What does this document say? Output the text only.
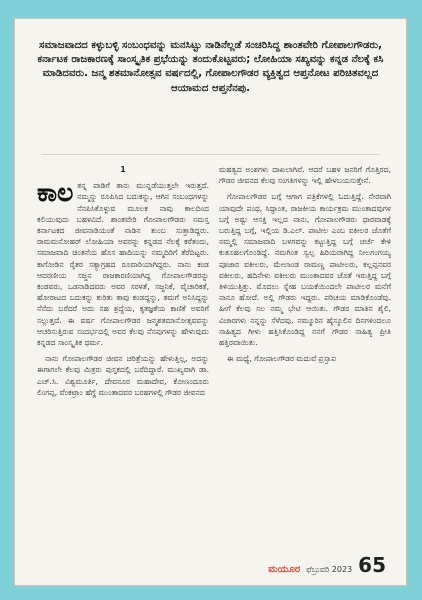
ಸಮಾಜವಾದದ ಕಳ್ಳುಬಳ್ಳಿ ಸಂಬಂಧವನ್ನು ಮನಸಿಟ್ಟು ನಾಡಿನೆಲ್ಲಡೆ ಸಂಚರಿಸಿದ್ದ ಶಾಂತವೇರಿ ಗೋಪಾಲಗೌಡರು, ಕರ್ನಾಟಕ ರಾಜಕಾರಣಕ್ಕೆ ಸಾಂಸ್ಕೃತಿಕ ಪ್ರಭೆಯನ್ನು ತಂದುಕೊಟ್ಟವರು; ಲೋಹಿಯಾ ಸಖ್ಯವನ್ನು ಕನ್ನಡ ನೆಲಕ್ಕೆ ಕಸಿ ಮಾಡಿದವರು. ಜನ್ಮ ಶತಮಾನೋತ್ಸವ ವರ್ಷದಲ್ಲಿ, ಗೋಪಾಲಗೌಡರ ವ್ಯಕ್ತಿತ್ವದ ಆಪ್ತನೋಟ ಪರಿಚಿತವಲ್ಲದ ಆಯಾಮದ ಆಪ್ತನೆನಪು.
1

ಕಾಲ ತನ್ನ ಪಾಡಿಗೆ ತಾನು ಮುನ್ನಡೆಯುತ್ತಲೇ ಇರುತ್ತದೆ. ನಮ್ಮನ್ನು ರೂಪಿಸಿದ ಬದುಕನ್ನು, ಆಗಿನ ಸಂಬಂಧಗಳನ್ನು ನೆನಪಿಸಿಕೊಳ್ಳುವ ಮೂಲಕ ನಾವು ಕಾಲದಿಂದ ಕಲಿಯುವುದು ಬಹಳವಿದೆ. ಶಾಂತವೇರಿ ಗೋಪಾಲಗೌಡರು ಸಮಸ್ತ ಕರ್ನಾಟಕದ ಜೀವನಾಡಿಯಂತೆ ನಾಡಿನ ತುಂಬ ಸುತ್ತಾಡಿದ್ದರು. ರಾಮಮನೋಹರ್ ಲೋಹಿಯಾ ಅವರನ್ನು ಕನ್ನಡದ ನೆಲಕ್ಕೆ ಕರೆತಂದು, ಸಮಾಜವಾದಿ ಚಿಂತನೆಯ ಹೊಸ ಹಾದಿಯನ್ನು ನಮ್ಮದಿರಿಗೆ ತೆರೆದಿಟ್ಟರು. ಕಾಗೋಡಿನ ರೈತರ ಸತ್ಯಾಗ್ರಹದ ರೂವಾರಿಯಾಗಿದ್ದರು. ನಾನು ಕಂಡ ಆದರಣೀಯ ಸಜ್ಜನ ರಾಜಕಾರಣಿಯಾಗಿದ್ದ ಗೋಪಾಲಗೌಡರನ್ನು ಕಂಡವರು, ಒಡನಾಡಿದವರು ಅವರ ಸರಳತೆ, ಸಜ್ಜನಿಕೆ, ವೈಚಾರಿಕತೆ, ಹೋರಾಟದ ಬದುಕನ್ನು ಕುರಿತು ತಾವು ಕಂಡದ್ದನ್ನು, ತಮಗೆ ಅನಿಸಿದ್ದನ್ನು ನೆನೆದು ಬರೆದರೆ ಅದು ಸಹ ಶ್ರದ್ಧೆಯ, ಕೃತಜ್ಞತೆಯ ಕಾಣಿಕೆ ಅವರಿಗೆ ಸಲ್ಲುತ್ತದೆ. ಈ ವರ್ಷ ಗೋಪಾಲಗೌಡರ ಜನ್ಮಶತಮಾನೋತ್ಸವವನ್ನು ಆಚರಿಸುತ್ತಿರುವ ಸಂದರ್ಭದಲ್ಲಿ ಅವರ ಕೆಲವು ನೆನಪುಗಳನ್ನು ಹೇಳುವುದು ಕನ್ನಡದ ಸಾಂಸ್ಕೃತಿಕ ಧರ್ಮ.

ನಾನು ಗೋಪಾಲಗೌಡರ ಜೀವನ ಚರಿತ್ರೆಯನ್ನು ಹೇಳುತ್ತಿಲ್ಲ, ಅದನ್ನು ಈಗಾಗಲೇ ಕೆಲವು ಮಿತ್ರರು ಪುಸ್ತಕದಲ್ಲಿ ಬರೆದಿದ್ದಾರೆ. ಮುಖ್ಯವಾಗಿ ಡಾ. ಎಚ್.ಸಿ. ವಿಶ್ವಮೂರ್ತಿ, ದೇವನೂರ ಮಹಾದೇವ, ಕೋಣಂದೂರು ಲಿಂಗಪ್ಪ, ವೆಂಕಟ್ರಾಂ ಹೆಗ್ಡೆ ಮುಂತಾದವರ ಬರಹಗಳಲ್ಲಿ ಗೌಡರ ಜೀವನದ

ಮಹತ್ವದ ಅಂಶಗಳು ದಾಖಲಾಗಿವೆ. ಆದರೆ ಬಹಳ ಜನರಿಗೆ ಗೊತ್ತಿರದ, ಗೌಡರ ಜೀವನದ ಕೆಲವು ಸಂಗತಿಗಳನ್ನು ಇಲ್ಲಿ ಹೇಳಬಯಸುತ್ತೇನೆ.

ಗೋಪಾಲಗೌಡರ ಬಗ್ಗೆ ಆಗಾಗ ಪತ್ರಿಕೆಗಳಲ್ಲಿ ಓದುತ್ತಿದ್ದೆ. ನೇರವಾಗಿ ಯಾವುದೇ ಪಂಥ, ಸಿದ್ಧಾಂತ, ರಾಜಕೀಯ ಕಾರ್ಯಕ್ರಮ ಮುಂತಾದವುಗಳ ಬಗ್ಗೆ ಅಷ್ಟು ಆಸಕ್ತಿ ಇಲ್ಲದ ನಾನು, ಗೋಪಾಲಗೌಡರು ಧಾರವಾಡಕ್ಕೆ ಬರುತ್ತಿದ್ದ ಬಗ್ಗೆ, ಇಲ್ಲಿಯ ಡಿ.ಎಲ್. ಪಾಟೀಲ ಎಂಬ ವಕೀಲರ ಜೊತೆಗೆ ನಮ್ಮಲ್ಲಿ ಸಮಾಜವಾದಿ ಬಳಗವನ್ನು ಕಟ್ಟುತ್ತಿದ್ದ ಬಗ್ಗೆ ಚರ್ಚೆ ಕೇಳಿ ಕುತೂಹಲಗೊಂಡಿದ್ದೆ. ನಮಗಿಂತ ಸ್ವಲ್ಪ ಹಿರಿಯರಾಗಿದ್ದ ನೀಲಗಂಗಯ್ಯ ಪೂಜಾರ ವಕೀಲರು, ಮೇಲಾಂಡ ರಾಮಣ್ಣ ಪಾಟೀಲರು, ಕಲ್ಲಪ್ಪನವರ ವಕೀಲರು, ಹದಿನೇಳು ವಕೀಲರು ಮುಂತಾದವರ ಜೊತೆ ಇರುತ್ತಿದ್ದ ಬಗ್ಗೆ ತಿಳಿಯುತ್ತಿತ್ತು. ಮೊದಲು ಸ್ನೇಹ ಬಯಕೆಯಿಂದಲೇ ಪಾಟೀಲರ ಮನೆಗೆ ನಾನೂ ಹೋದೆ. ಅಲ್ಲಿ ಗೌಡರು ಇದ್ದರು. ಪರಿಚಯ ಮಾಡಿಕೊಂಡೆವು. ಹೀಗೆ ಕೆಲವು ಸಲ ನಮ್ಮ ಭೇಟಿ ಆಯಿತು. ಗೌಡರ ಮಾತಿನ ಶೈಲಿ, ವಿಚಾರಗಳು ನನ್ನನ್ನು ಸೆಳೆದವು. ನಮ್ಮೂರಿನ ಹೈಸ್ಕೂಲಿನ ದಿನಗಳಿಂದಲೂ ಸಾಹಿತ್ಯದ ಗೀಳು ಹತ್ತಿಸಿಕೊಂಡಿದ್ದ ನನಗೆ ಗೌಡರ ಸಾಹಿತ್ಯ ಪ್ರೀತಿ ಹತ್ತಿರವಾಯಿತು.

ಈ ಮಧ್ಯೆ, ಗೋಪಾಲಗೌಡರ ಮದುವೆ ಪ್ರಸ್ತಾಪ

ಮಯೂರ ಫೆಬ್ರುವರಿ 2023 65
